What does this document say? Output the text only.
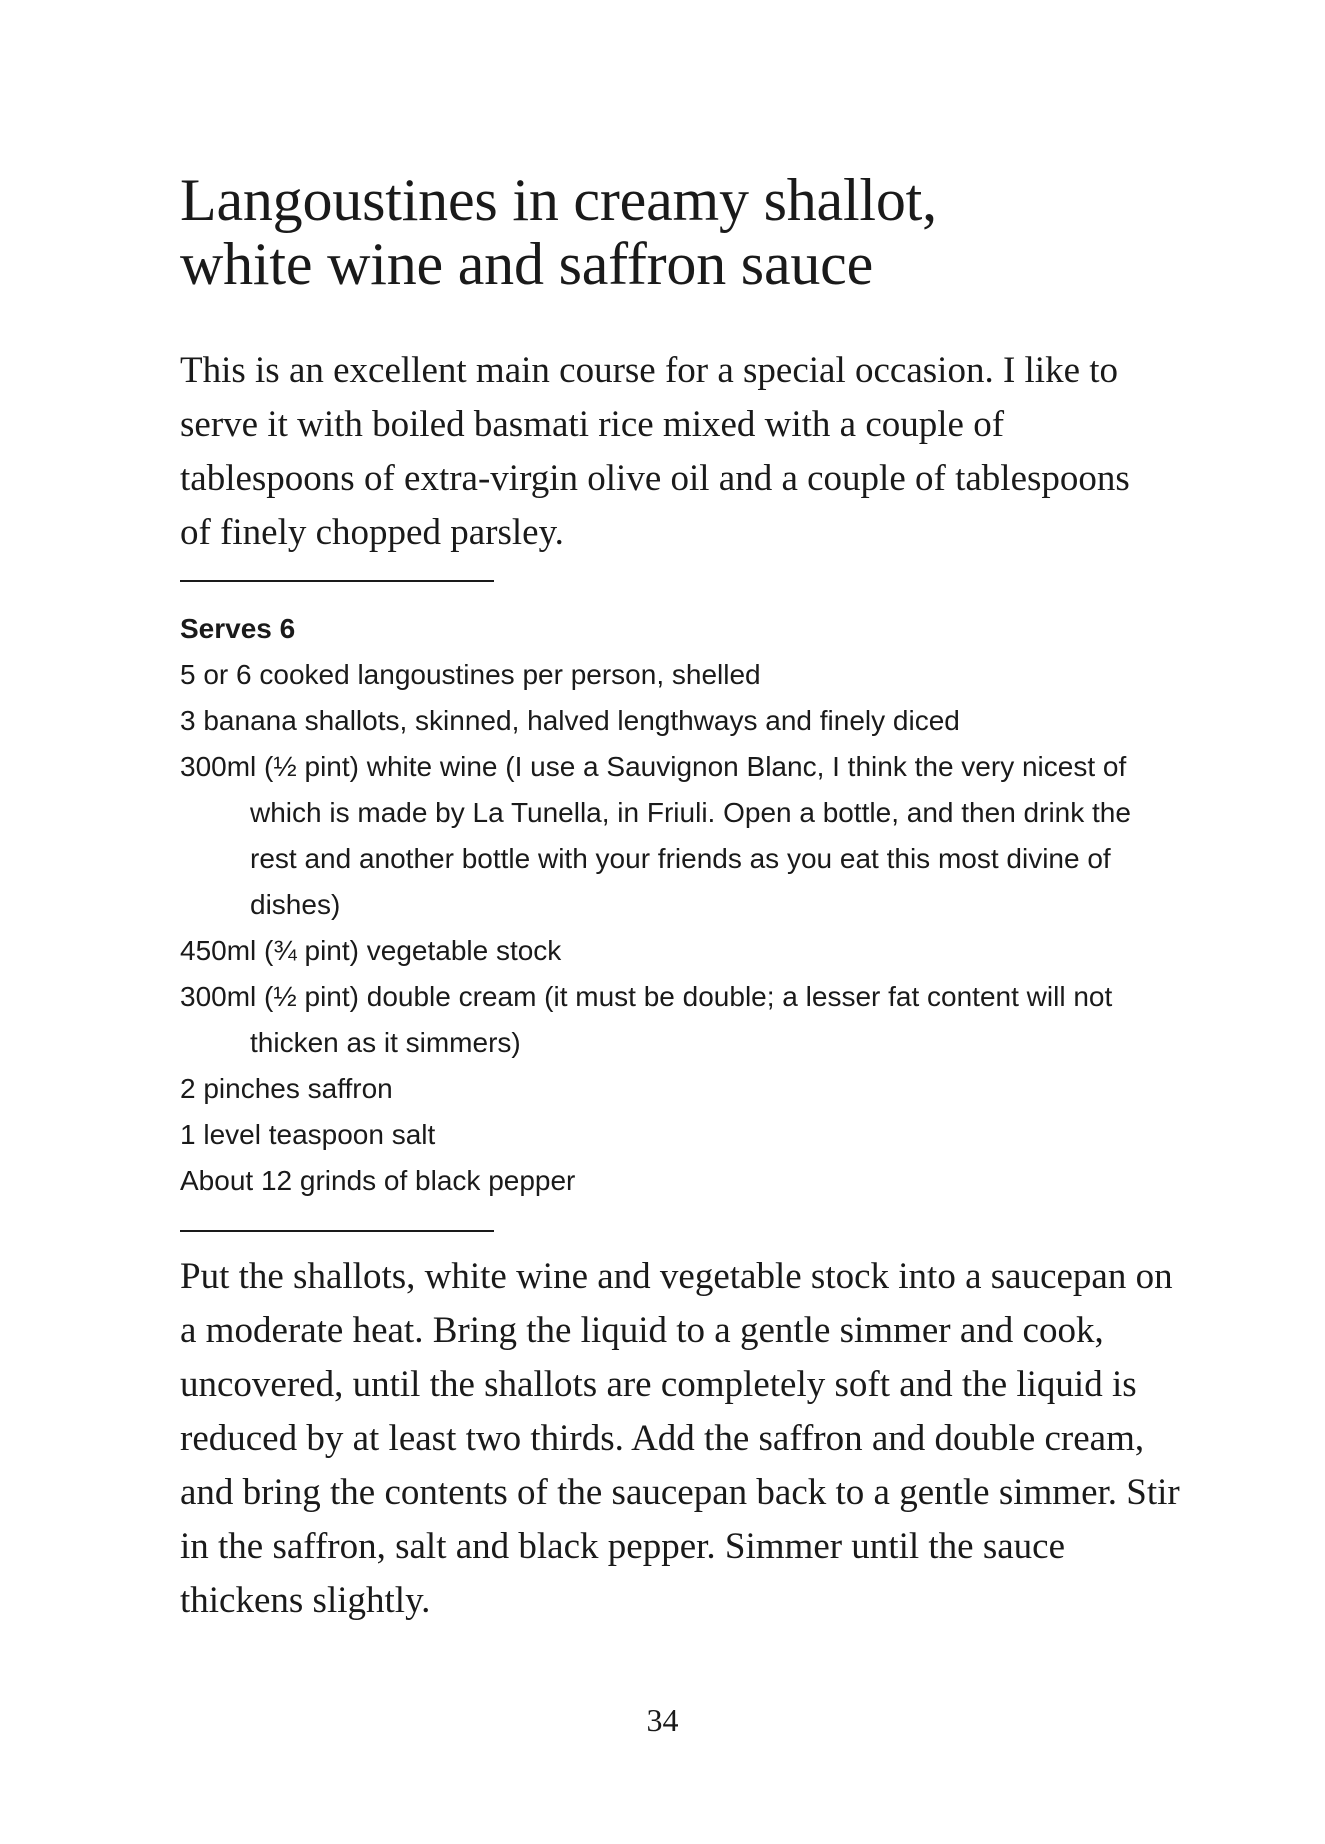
Langoustines in creamy shallot,
white wine and saffron sauce

This is an excellent main course for a special occasion. I like to serve it with boiled basmati rice mixed with a couple of tablespoons of extra-virgin olive oil and a couple of tablespoons of finely chopped parsley.

Serves 6
5 or 6 cooked langoustines per person, shelled
3 banana shallots, skinned, halved lengthways and finely diced
300ml (½ pint) white wine (I use a Sauvignon Blanc, I think the very nicest of which is made by La Tunella, in Friuli. Open a bottle, and then drink the rest and another bottle with your friends as you eat this most divine of dishes)
450ml (¾ pint) vegetable stock
300ml (½ pint) double cream (it must be double; a lesser fat content will not thicken as it simmers)
2 pinches saffron
1 level teaspoon salt
About 12 grinds of black pepper

Put the shallots, white wine and vegetable stock into a saucepan on a moderate heat. Bring the liquid to a gentle simmer and cook, uncovered, until the shallots are completely soft and the liquid is reduced by at least two thirds. Add the saffron and double cream, and bring the contents of the saucepan back to a gentle simmer. Stir in the saffron, salt and black pepper. Simmer until the sauce thickens slightly.

34
